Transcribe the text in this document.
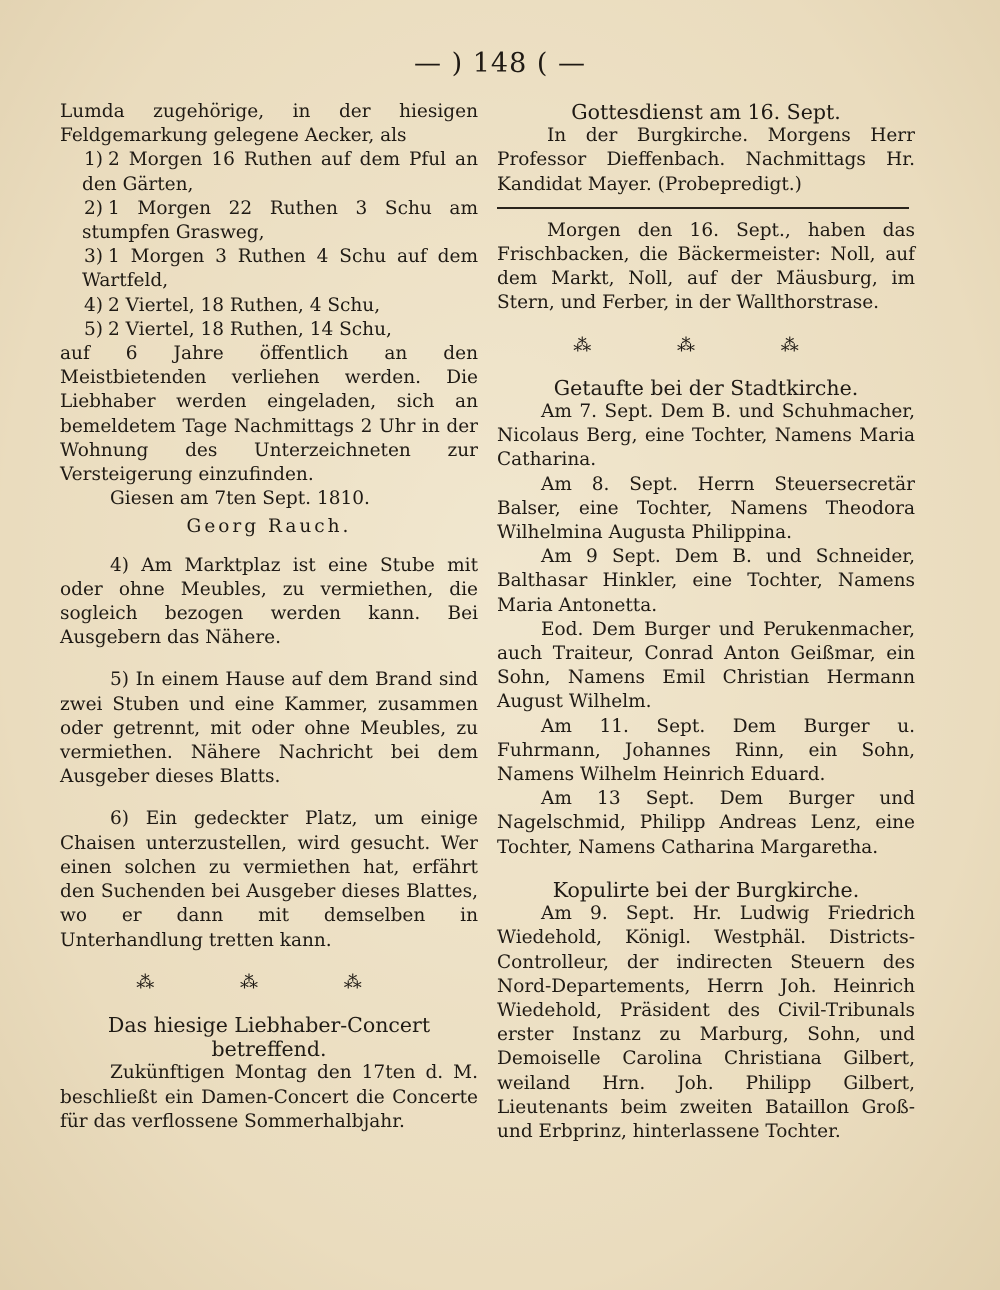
— ) 148 ( —

Lumda zugehörige, in der hiesigen Feldgemarkung gelegene Aecker, als

1) 2 Morgen 16 Ruthen auf dem Pful an den Gärten,

2) 1 Morgen 22 Ruthen 3 Schu am stumpfen Grasweg,

3) 1 Morgen 3 Ruthen 4 Schu auf dem Wartfeld,

4) 2 Viertel, 18 Ruthen, 4 Schu,

5) 2 Viertel, 18 Ruthen, 14 Schu,

auf 6 Jahre öffentlich an den Meistbietenden verliehen werden. Die Liebhaber werden eingeladen, sich an bemeldetem Tage Nachmittags 2 Uhr in der Wohnung des Unterzeichneten zur Versteigerung einzufinden.

Giesen am 7ten Sept. 1810.

Georg Rauch.

4) Am Marktplaz ist eine Stube mit oder ohne Meubles, zu vermiethen, die sogleich bezogen werden kann. Bei Ausgebern das Nähere.

5) In einem Hause auf dem Brand sind zwei Stuben und eine Kammer, zusammen oder getrennt, mit oder ohne Meubles, zu vermiethen. Nähere Nachricht bei dem Ausgeber dieses Blatts.

6) Ein gedeckter Platz, um einige Chaisen unterzustellen, wird gesucht. Wer einen solchen zu vermiethen hat, erfährt den Suchenden bei Ausgeber dieses Blattes, wo er dann mit demselben in Unterhandlung tretten kann.

⁂ ⁂ ⁂

Das hiesige Liebhaber-Concert betreffend.

Zukünftigen Montag den 17ten d. M. beschließt ein Damen-Concert die Concerte für das verflossene Sommerhalbjahr.

Gottesdienst am 16. Sept.

In der Burgkirche. Morgens Herr Professor Dieffenbach. Nachmittags Hr. Kandidat Mayer. (Probepredigt.)

Morgen den 16. Sept., haben das Frischbacken, die Bäckermeister: Noll, auf dem Markt, Noll, auf der Mäusburg, im Stern, und Ferber, in der Wallthorstrase.

⁂ ⁂ ⁂

Getaufte bei der Stadtkirche.

Am 7. Sept. Dem B. und Schuhmacher, Nicolaus Berg, eine Tochter, Namens Maria Catharina.

Am 8. Sept. Herrn Steuersecretär Balser, eine Tochter, Namens Theodora Wilhelmina Augusta Philippina.

Am 9 Sept. Dem B. und Schneider, Balthasar Hinkler, eine Tochter, Namens Maria Antonetta.

Eod. Dem Burger und Perukenmacher, auch Traiteur, Conrad Anton Geißmar, ein Sohn, Namens Emil Christian Hermann August Wilhelm.

Am 11. Sept. Dem Burger u. Fuhrmann, Johannes Rinn, ein Sohn, Namens Wilhelm Heinrich Eduard.

Am 13 Sept. Dem Burger und Nagelschmid, Philipp Andreas Lenz, eine Tochter, Namens Catharina Margaretha.

Kopulirte bei der Burgkirche.

Am 9. Sept. Hr. Ludwig Friedrich Wiedehold, Königl. Westphäl. Districts-Controlleur, der indirecten Steuern des Nord-Departements, Herrn Joh. Heinrich Wiedehold, Präsident des Civil-Tribunals erster Instanz zu Marburg, Sohn, und Demoiselle Carolina Christiana Gilbert, weiland Hrn. Joh. Philipp Gilbert, Lieutenants beim zweiten Bataillon Groß- und Erbprinz, hinterlassene Tochter.
